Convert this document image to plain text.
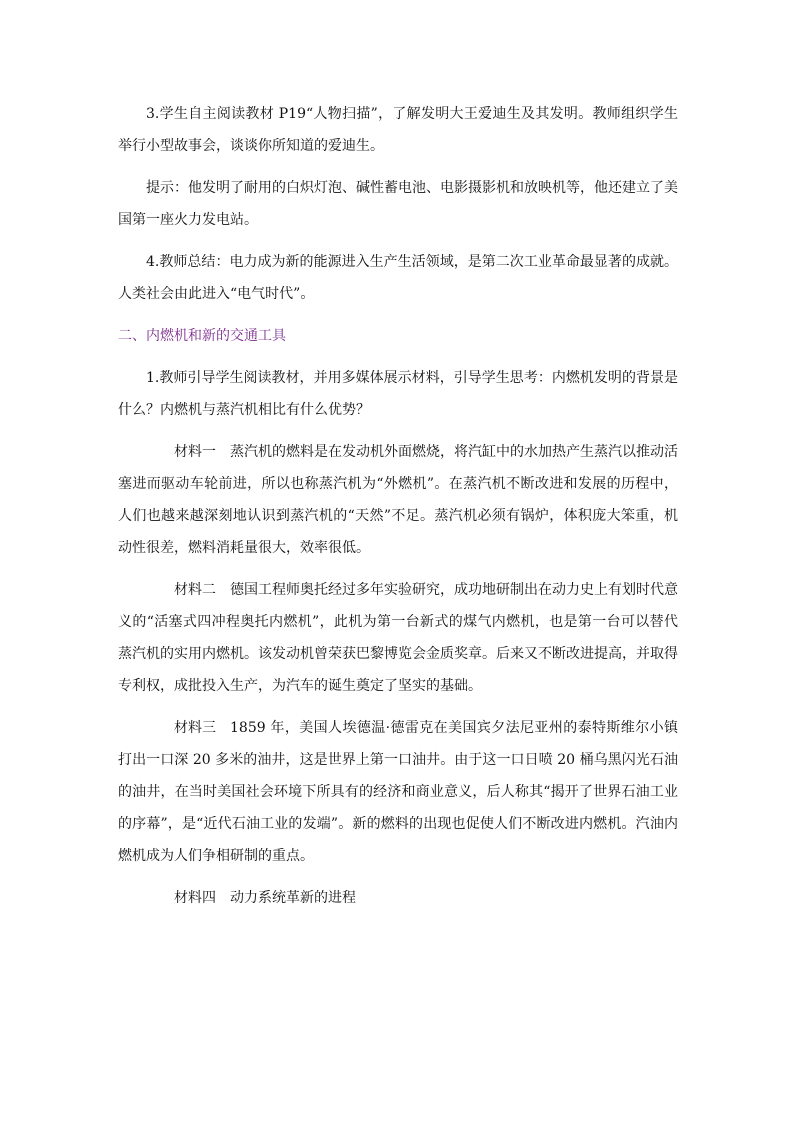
3.学生自主阅读教材 P19“人物扫描”，了解发明大王爱迪生及其发明。教师组织学生举行小型故事会，谈谈你所知道的爱迪生。

提示：他发明了耐用的白炽灯泡、碱性蓄电池、电影摄影机和放映机等，他还建立了美国第一座火力发电站。

4.教师总结：电力成为新的能源进入生产生活领域，是第二次工业革命最显著的成就。人类社会由此进入“电气时代”。

二、内燃机和新的交通工具

1.教师引导学生阅读教材，并用多媒体展示材料，引导学生思考：内燃机发明的背景是什么？内燃机与蒸汽机相比有什么优势？

材料一 蒸汽机的燃料是在发动机外面燃烧，将汽缸中的水加热产生蒸汽以推动活塞进而驱动车轮前进，所以也称蒸汽机为“外燃机”。在蒸汽机不断改进和发展的历程中，人们也越来越深刻地认识到蒸汽机的“天然”不足。蒸汽机必须有锅炉，体积庞大笨重，机动性很差，燃料消耗量很大，效率很低。

材料二 德国工程师奥托经过多年实验研究，成功地研制出在动力史上有划时代意义的“活塞式四冲程奥托内燃机”，此机为第一台新式的煤气内燃机，也是第一台可以替代蒸汽机的实用内燃机。该发动机曾荣获巴黎博览会金质奖章。后来又不断改进提高，并取得专利权，成批投入生产，为汽车的诞生奠定了坚实的基础。

材料三 1859 年，美国人埃德温·德雷克在美国宾夕法尼亚州的泰特斯维尔小镇打出一口深 20 多米的油井，这是世界上第一口油井。由于这一口日喷 20 桶乌黑闪光石油的油井，在当时美国社会环境下所具有的经济和商业意义，后人称其“揭开了世界石油工业的序幕”，是“近代石油工业的发端”。新的燃料的出现也促使人们不断改进内燃机。汽油内燃机成为人们争相研制的重点。

材料四 动力系统革新的进程
